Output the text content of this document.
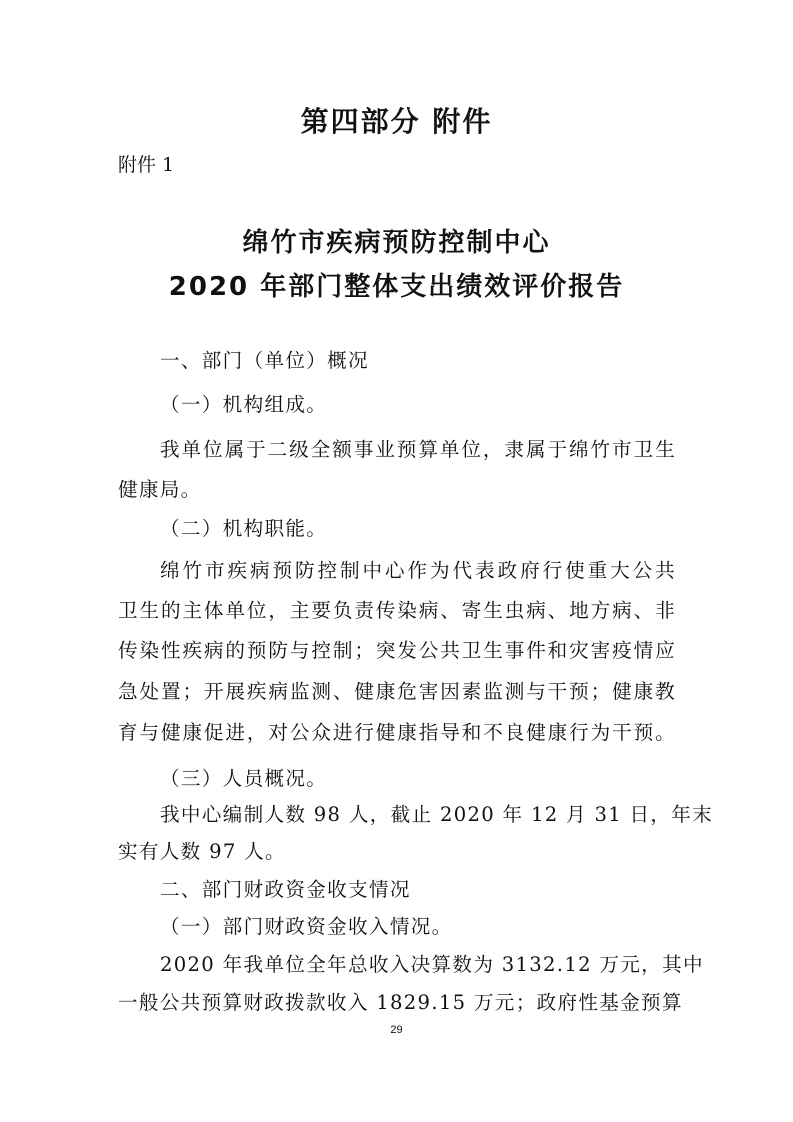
第四部分 附件

附件 1

绵竹市疾病预防控制中心
2020 年部门整体支出绩效评价报告

一、部门（单位）概况

（一）机构组成。

我单位属于二级全额事业预算单位，隶属于绵竹市卫生

健康局。

（二）机构职能。

绵竹市疾病预防控制中心作为代表政府行使重大公共

卫生的主体单位，主要负责传染病、寄生虫病、地方病、非

传染性疾病的预防与控制；突发公共卫生事件和灾害疫情应

急处置；开展疾病监测、健康危害因素监测与干预；健康教

育与健康促进，对公众进行健康指导和不良健康行为干预。

（三）人员概况。

我中心编制人数 98 人，截止 2020 年 12 月 31 日，年末

实有人数 97 人。

二、部门财政资金收支情况

（一）部门财政资金收入情况。

2020 年我单位全年总收入决算数为 3132.12 万元，其中

一般公共预算财政拨款收入 1829.15 万元；政府性基金预算

29
